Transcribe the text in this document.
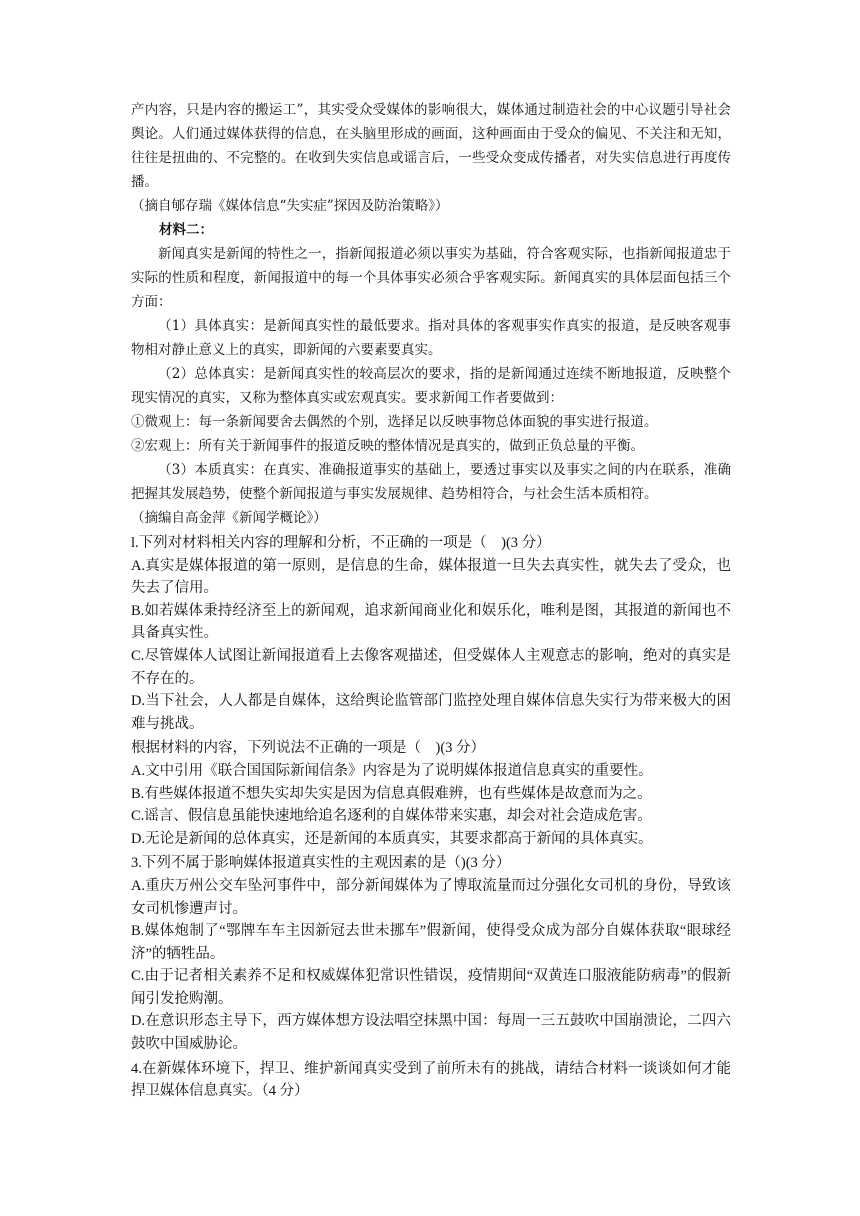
产内容，只是内容的搬运工”，其实受众受媒体的影响很大，媒体通过制造社会的中心议题引导社会舆论。人们通过媒体获得的信息，在头脑里形成的画面，这种画面由于受众的偏见、不关注和无知，往往是扭曲的、不完整的。在收到失实信息或谣言后，一些受众变成传播者，对失实信息进行再度传播。

（摘自郇存瑞《媒体信息“失实症”探因及防治策略》）

材料二：

新闻真实是新闻的特性之一，指新闻报道必须以事实为基础，符合客观实际，也指新闻报道忠于实际的性质和程度，新闻报道中的每一个具体事实必须合乎客观实际。新闻真实的具体层面包括三个方面：

（1）具体真实：是新闻真实性的最低要求。指对具体的客观事实作真实的报道，是反映客观事物相对静止意义上的真实，即新闻的六要素要真实。

（2）总体真实：是新闻真实性的较高层次的要求，指的是新闻通过连续不断地报道，反映整个现实情况的真实，又称为整体真实或宏观真实。要求新闻工作者要做到：

①微观上：每一条新闻要舍去偶然的个别，选择足以反映事物总体面貌的事实进行报道。

②宏观上：所有关于新闻事件的报道反映的整体情况是真实的，做到正负总量的平衡。

（3）本质真实：在真实、准确报道事实的基础上，要透过事实以及事实之间的内在联系，准确把握其发展趋势，使整个新闻报道与事实发展规律、趋势相符合，与社会生活本质相符。

（摘编自高金萍《新闻学概论》）

l.下列对材料相关内容的理解和分析，不正确的一项是（　)(3 分）

A.真实是媒体报道的第一原则，是信息的生命，媒体报道一旦失去真实性，就失去了受众，也失去了信用。

B.如若媒体秉持经济至上的新闻观，追求新闻商业化和娱乐化，唯利是图，其报道的新闻也不具备真实性。

C.尽管媒体人试图让新闻报道看上去像客观描述，但受媒体人主观意志的影响，绝对的真实是不存在的。

D.当下社会，人人都是自媒体，这给舆论监管部门监控处理自媒体信息失实行为带来极大的困难与挑战。

根据材料的内容，下列说法不正确的一项是（　)(3 分）

A.文中引用《联合国国际新闻信条》内容是为了说明媒体报道信息真实的重要性。

B.有些媒体报道不想失实却失实是因为信息真假难辨，也有些媒体是故意而为之。

C.谣言、假信息虽能快速地给追名逐利的自媒体带来实惠，却会对社会造成危害。

D.无论是新闻的总体真实，还是新闻的本质真实，其要求都高于新闻的具体真实。

3.下列不属于影响媒体报道真实性的主观因素的是（)(3 分）

A.重庆万州公交车坠河事件中，部分新闻媒体为了博取流量而过分强化女司机的身份，导致该女司机惨遭声讨。

B.媒体炮制了“鄂牌车车主因新冠去世未挪车”假新闻，使得受众成为部分自媒体获取“眼球经济”的牺牲品。

C.由于记者相关素养不足和权威媒体犯常识性错误，疫情期间“双黄连口服液能防病毒”的假新闻引发抢购潮。

D.在意识形态主导下，西方媒体想方设法唱空抹黑中国：每周一三五鼓吹中国崩溃论，二四六鼓吹中国威胁论。

4.在新媒体环境下，捍卫、维护新闻真实受到了前所未有的挑战，请结合材料一谈谈如何才能捍卫媒体信息真实。（4 分）
